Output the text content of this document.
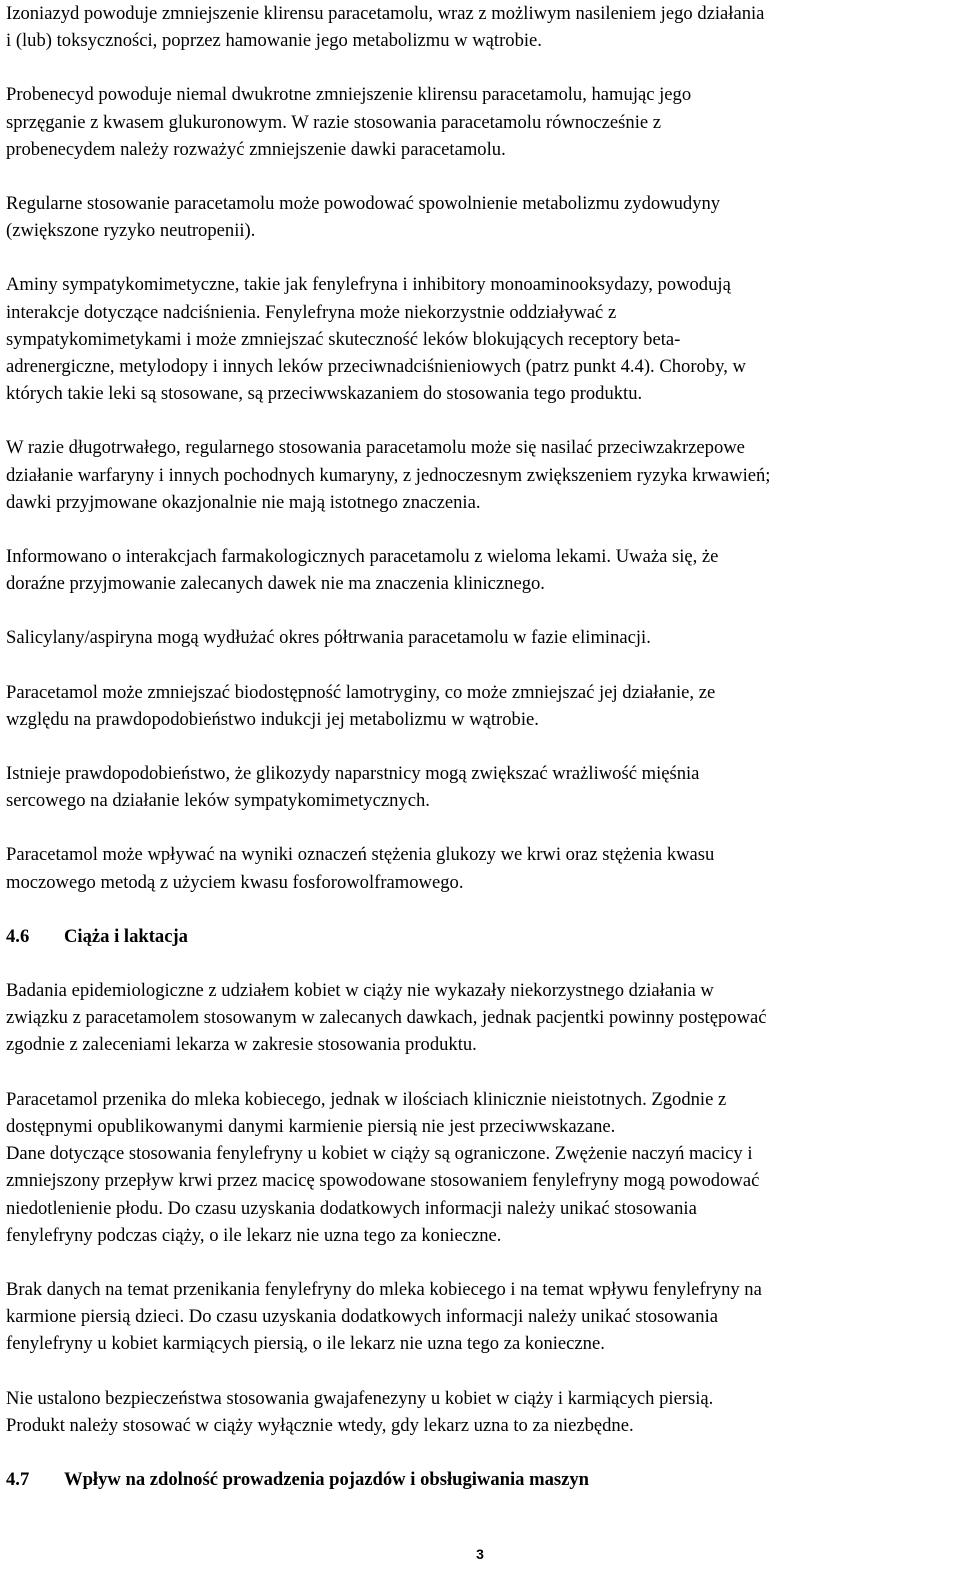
Izoniazyd powoduje zmniejszenie klirensu paracetamolu, wraz z możliwym nasileniem jego działania
i (lub) toksyczności, poprzez hamowanie jego metabolizmu w wątrobie.

Probenecyd powoduje niemal dwukrotne zmniejszenie klirensu paracetamolu, hamując jego
sprzęganie z kwasem glukuronowym. W razie stosowania paracetamolu równocześnie z
probenecydem należy rozważyć zmniejszenie dawki paracetamolu.

Regularne stosowanie paracetamolu może powodować spowolnienie metabolizmu zydowudyny
(zwiększone ryzyko neutropenii).

Aminy sympatykomimetyczne, takie jak fenylefryna i inhibitory monoaminooksydazy, powodują
interakcje dotyczące nadciśnienia. Fenylefryna może niekorzystnie oddziaływać z
sympatykomimetykami i może zmniejszać skuteczność leków blokujących receptory beta-
adrenergiczne, metylodopy i innych leków przeciwnadciśnieniowych (patrz punkt 4.4). Choroby, w
których takie leki są stosowane, są przeciwwskazaniem do stosowania tego produktu.

W razie długotrwałego, regularnego stosowania paracetamolu może się nasilać przeciwzakrzepowe
działanie warfaryny i innych pochodnych kumaryny, z jednoczesnym zwiększeniem ryzyka krwawień;
dawki przyjmowane okazjonalnie nie mają istotnego znaczenia.

Informowano o interakcjach farmakologicznych paracetamolu z wieloma lekami. Uważa się, że
doraźne przyjmowanie zalecanych dawek nie ma znaczenia klinicznego.

Salicylany/aspiryna mogą wydłużać okres półtrwania paracetamolu w fazie eliminacji.

Paracetamol może zmniejszać biodostępność lamotryginy, co może zmniejszać jej działanie, ze
względu na prawdopodobieństwo indukcji jej metabolizmu w wątrobie.

Istnieje prawdopodobieństwo, że glikozydy naparstnicy mogą zwiększać wrażliwość mięśnia
sercowego na działanie leków sympatykomimetycznych.

Paracetamol może wpływać na wyniki oznaczeń stężenia glukozy we krwi oraz stężenia kwasu
moczowego metodą z użyciem kwasu fosforowolframowego.

4.6 Ciąża i laktacja

Badania epidemiologiczne z udziałem kobiet w ciąży nie wykazały niekorzystnego działania w
związku z paracetamolem stosowanym w zalecanych dawkach, jednak pacjentki powinny postępować
zgodnie z zaleceniami lekarza w zakresie stosowania produktu.

Paracetamol przenika do mleka kobiecego, jednak w ilościach klinicznie nieistotnych. Zgodnie z
dostępnymi opublikowanymi danymi karmienie piersią nie jest przeciwwskazane.
Dane dotyczące stosowania fenylefryny u kobiet w ciąży są ograniczone. Zwężenie naczyń macicy i
zmniejszony przepływ krwi przez macicę spowodowane stosowaniem fenylefryny mogą powodować
niedotlenienie płodu. Do czasu uzyskania dodatkowych informacji należy unikać stosowania
fenylefryny podczas ciąży, o ile lekarz nie uzna tego za konieczne.

Brak danych na temat przenikania fenylefryny do mleka kobiecego i na temat wpływu fenylefryny na
karmione piersią dzieci. Do czasu uzyskania dodatkowych informacji należy unikać stosowania
fenylefryny u kobiet karmiących piersią, o ile lekarz nie uzna tego za konieczne.

Nie ustalono bezpieczeństwa stosowania gwajafenezyny u kobiet w ciąży i karmiących piersią.
Produkt należy stosować w ciąży wyłącznie wtedy, gdy lekarz uzna to za niezbędne.

4.7 Wpływ na zdolność prowadzenia pojazdów i obsługiwania maszyn

3
